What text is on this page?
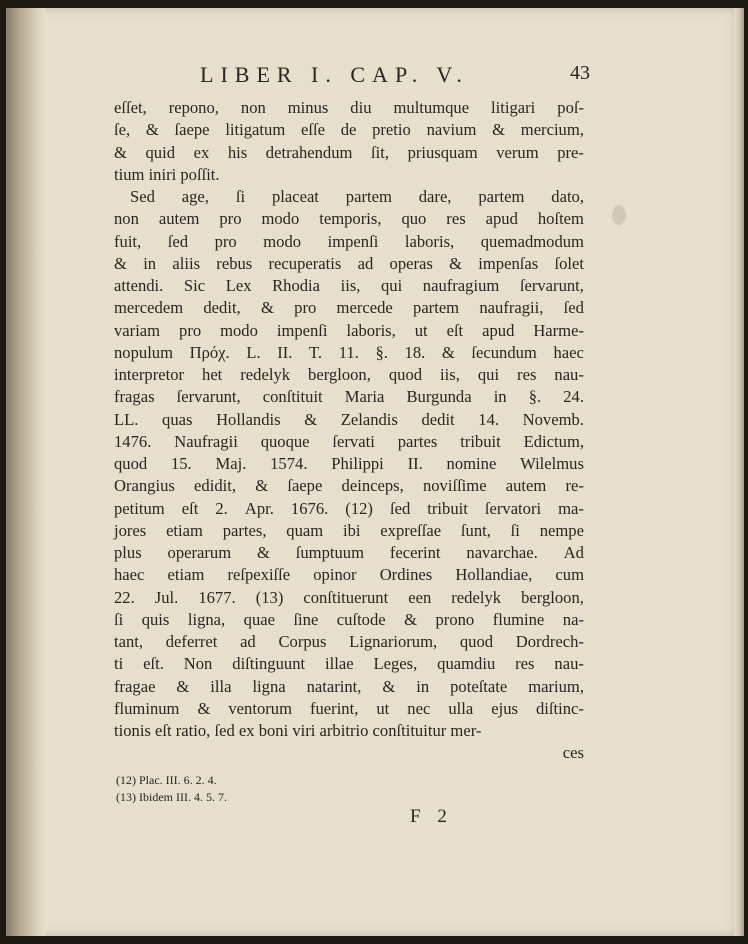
LIBER I. CAP. V.	43
eſſet, repono, non minus diu multumque litigari poſ-
ſe, & ſaepe litigatum eſſe de pretio navium & mercium,
& quid ex his detrahendum ſit, priusquam verum pre-
tium iniri poſſit.
Sed age, ſi placeat partem dare, partem dato,
non autem pro modo temporis, quo res apud hoſtem
fuit, ſed pro modo impenſi laboris, quemadmodum
& in aliis rebus recuperatis ad operas & impenſas ſolet
attendi. Sic Lex Rhodia iis, qui naufragium ſervarunt,
mercedem dedit, & pro mercede partem naufragii, ſed
variam pro modo impenſi laboris, ut eſt apud Harme-
nopulum Πρόχ. L. II. T. 11. §. 18. & ſecundum haec
interpretor het redelyk bergloon, quod iis, qui res nau-
fragas ſervarunt, conſtituit Maria Burgunda in §. 24.
LL. quas Hollandis & Zelandis dedit 14. Novemb.
1476. Naufragii quoque ſervati partes tribuit Edictum,
quod 15. Maj. 1574. Philippi II. nomine Wilelmus
Orangius edidit, & ſaepe deinceps, noviſſime autem re-
petitum eſt 2. Apr. 1676. (12) ſed tribuit ſervatori ma-
jores etiam partes, quam ibi expreſſae ſunt, ſi nempe
plus operarum & ſumptuum fecerint navarchae. Ad
haec etiam reſpexiſſe opinor Ordines Hollandiae, cum
22. Jul. 1677. (13) conſtituerunt een redelyk bergloon,
ſi quis ligna, quae ſine cuſtode & prono flumine na-
tant, deferret ad Corpus Lignariorum, quod Dordrech-
ti eſt. Non diſtinguunt illae Leges, quamdiu res nau-
fragae & illa ligna natarint, & in poteſtate marium,
fluminum & ventorum fuerint, ut nec ulla ejus diſtinc-
tionis eſt ratio, ſed ex boni viri arbitrio conſtituitur mer-
ces
(12) Plac. III. 6. 2. 4.
(13) Ibidem III. 4. 5. 7.
F 2
